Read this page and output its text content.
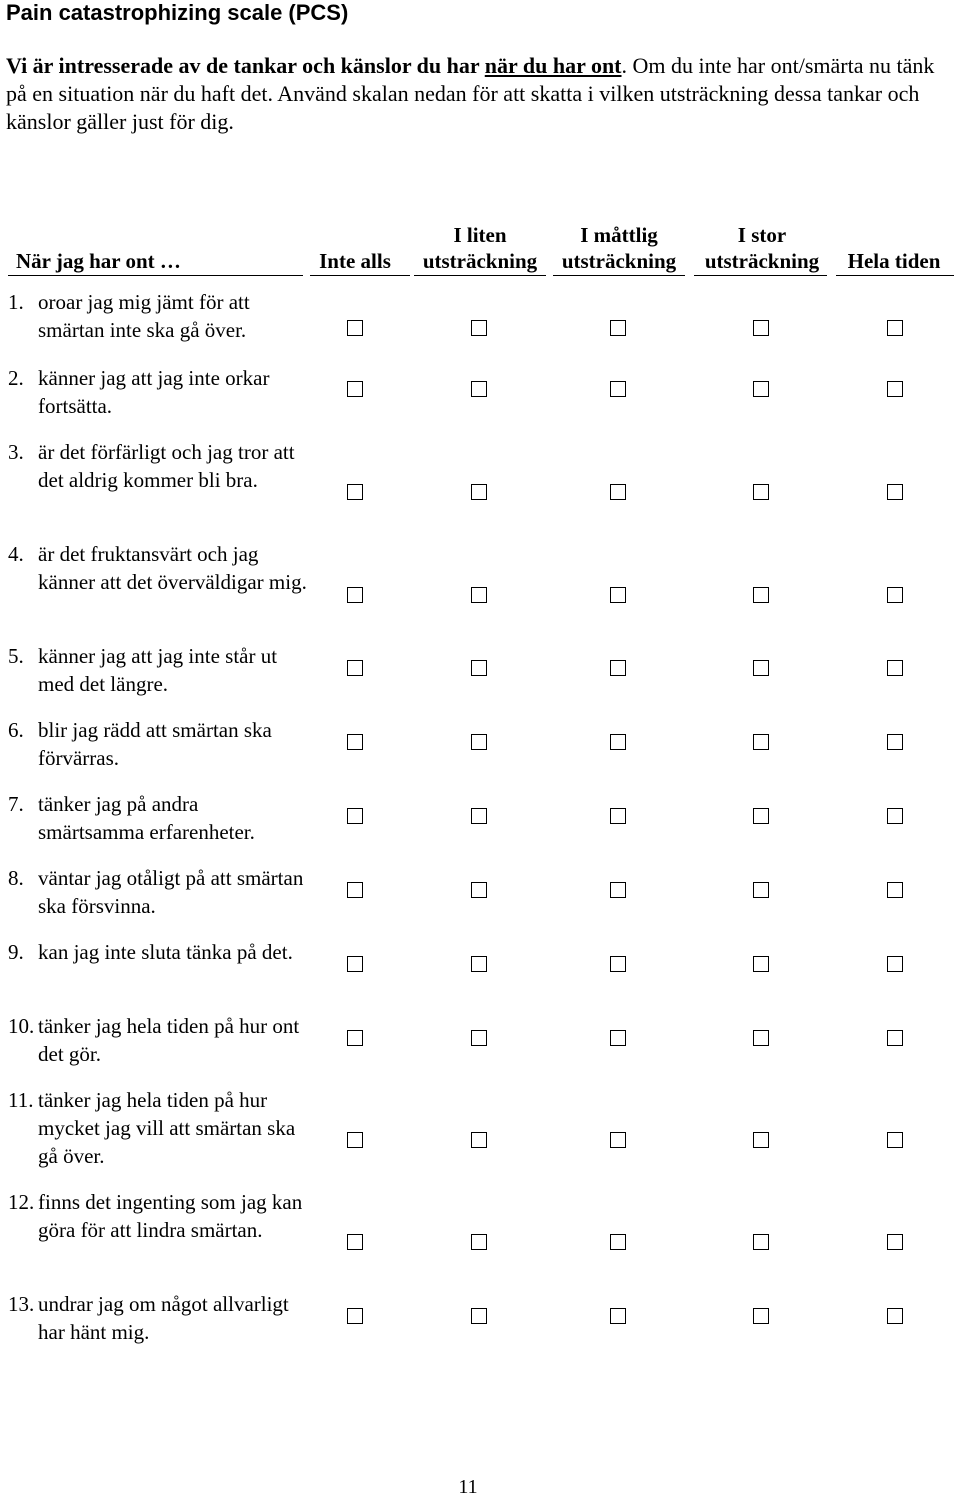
Pain catastrophizing scale (PCS)
Vi är intresserade av de tankar och känslor du har när du har ont. Om du inte har ont/smärta nu tänk på en situation när du haft det. Använd skalan nedan för att skatta i vilken utsträckning dessa tankar och känslor gäller just för dig.
När jag har ont …	Inte alls
I liten
utsträckning
I måttlig
utsträckning
I stor
utsträckning	Hela tiden
1. oroar jag mig jämt för att smärtan inte ska gå över.
2. känner jag att jag inte orkar fortsätta.
3. är det förfärligt och jag tror att det aldrig kommer bli bra.
4. är det fruktansvärt och jag känner att det överväldigar mig.
5. känner jag att jag inte står ut med det längre.
6. blir jag rädd att smärtan ska förvärras.
7. tänker jag på andra smärtsamma erfarenheter.
8. väntar jag otåligt på att smärtan ska försvinna.
9. kan jag inte sluta tänka på det.
10. tänker jag hela tiden på hur ont det gör.
11. tänker jag hela tiden på hur mycket jag vill att smärtan ska gå över.
12. finns det ingenting som jag kan göra för att lindra smärtan.
13. undrar jag om något allvarligt har hänt mig.
11
